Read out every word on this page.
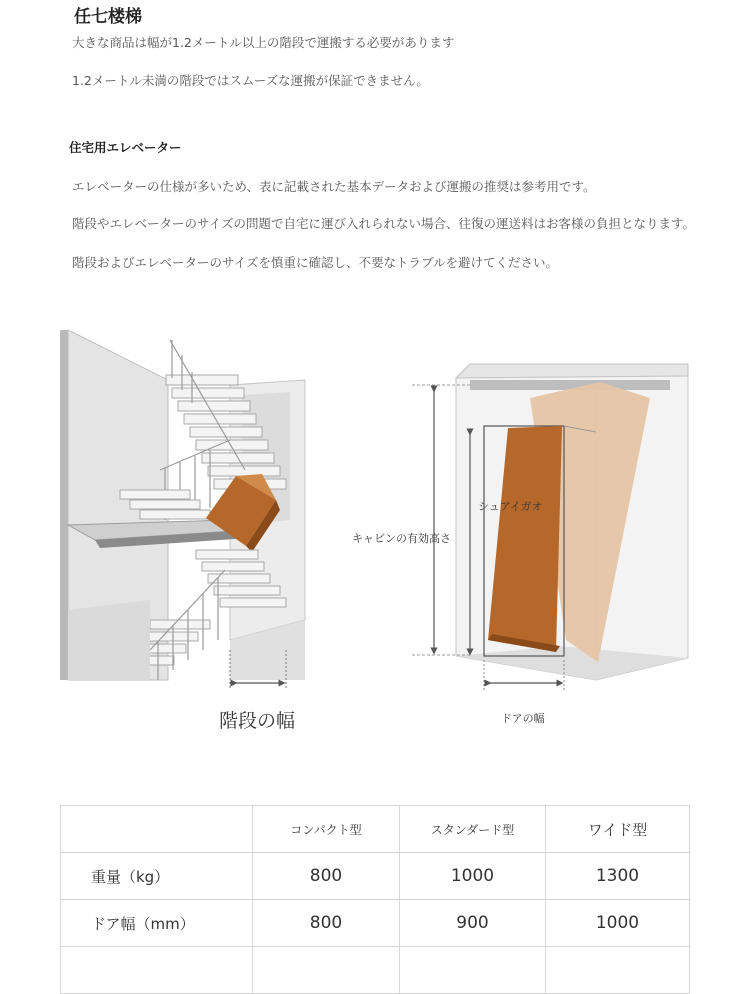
任七楼梯
大きな商品は幅が1.2メートル以上の階段で運搬する必要があります
1.2メートル未満の階段ではスムーズな運搬が保証できません。
住宅用エレベーター
エレベーターの仕様が多いため、表に記載された基本データおよび運搬の推奨は参考用です。
階段やエレベーターのサイズの問題で自宅に運び入れられない場合、往復の運送料はお客様の負担となります。
階段およびエレベーターのサイズを慎重に確認し、不要なトラブルを避けてください。
階段の幅
キャビンの有効高さ
シュアイガオ
ドアの幅
	コンパクト型	スタンダード型	ワイド型
重量（kg）	800	1000	1300
ドア幅（mm）	800	900	1000
